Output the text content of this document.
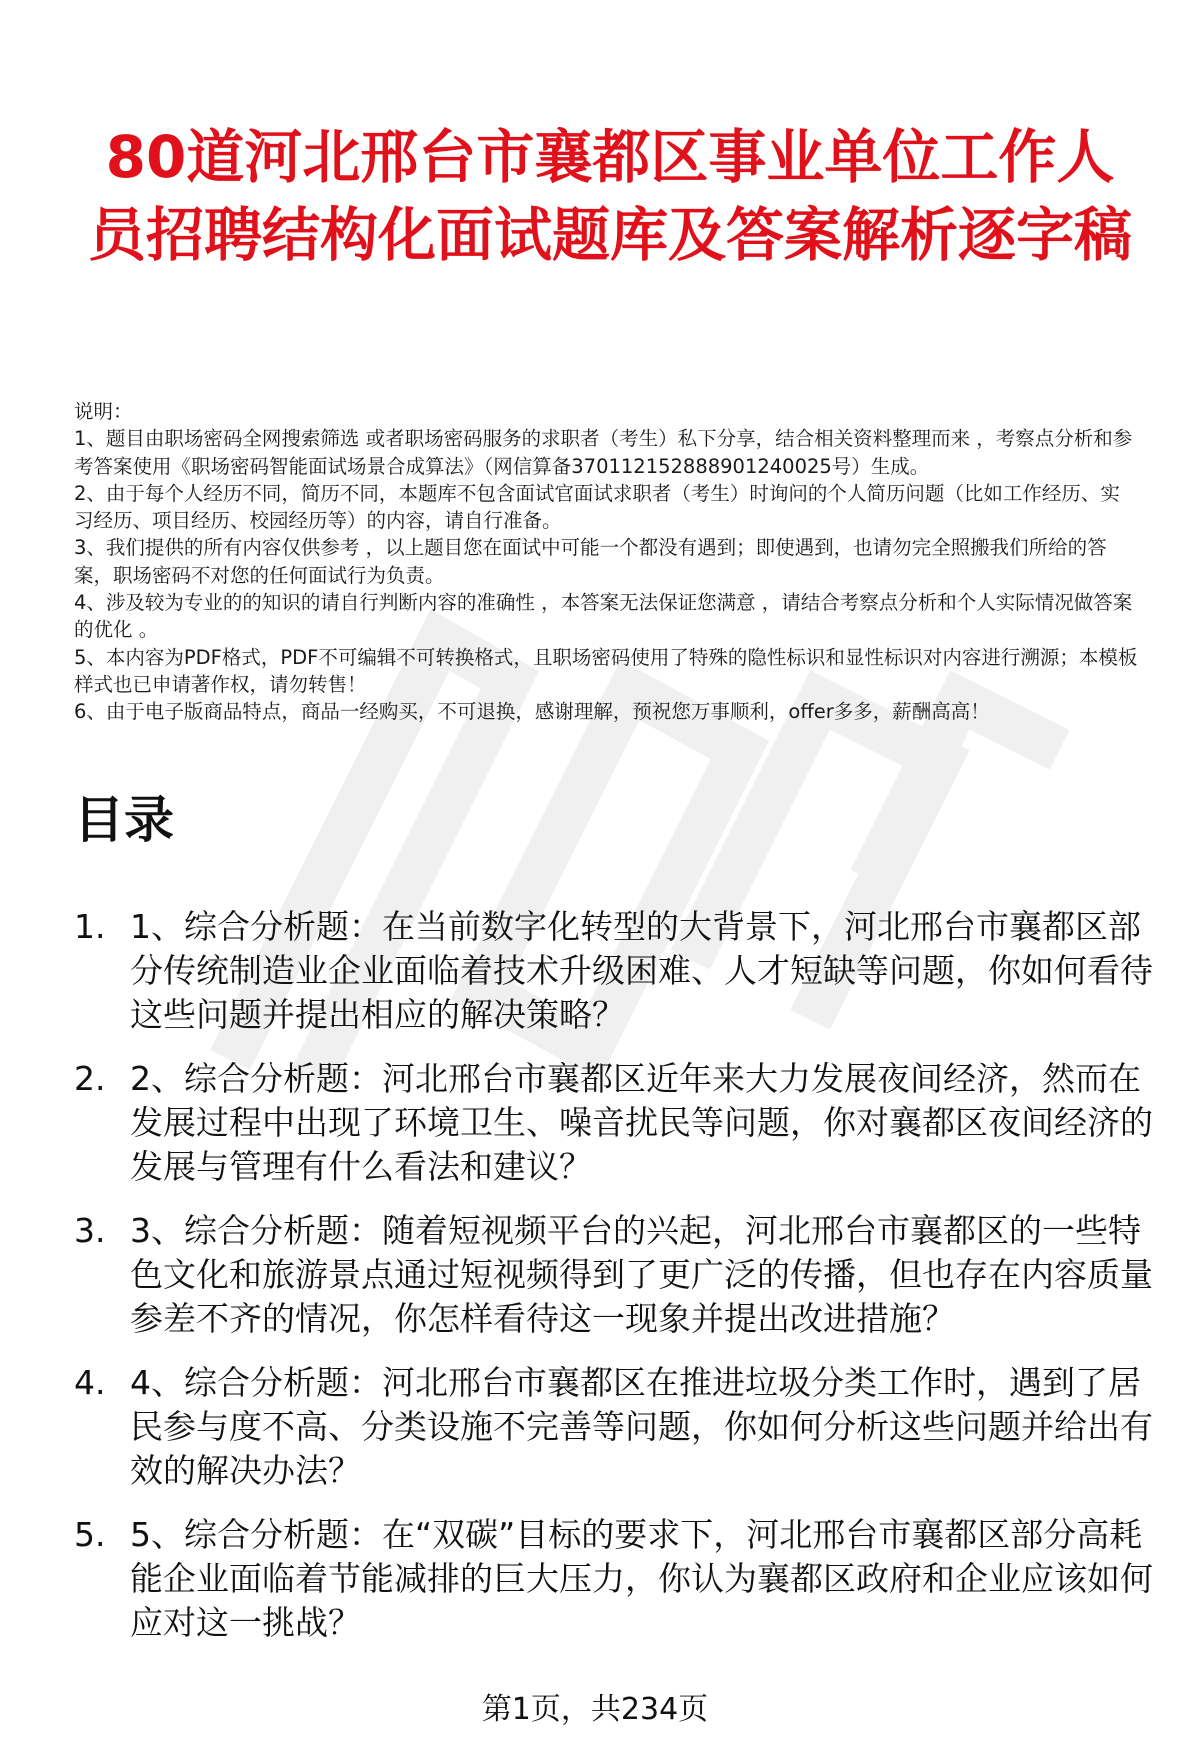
80道河北邢台市襄都区事业单位工作人员招聘结构化面试题库及答案解析逐字稿

说明：

1、题目由职场密码全网搜索筛选 或者职场密码服务的求职者（考生）私下分享，结合相关资料整理而来 ，考察点分析和参考答案使用《职场密码智能面试场景合成算法》（网信算备370112152888901240025号）生成。

2、由于每个人经历不同，简历不同，本题库不包含面试官面试求职者（考生）时询问的个人简历问题（比如工作经历、实习经历、项目经历、校园经历等）的内容，请自行准备。

3、我们提供的所有内容仅供参考 ，以上题目您在面试中可能一个都没有遇到；即使遇到，也请勿完全照搬我们所给的答案，职场密码不对您的任何面试行为负责。

4、涉及较为专业的的知识的请自行判断内容的准确性 ，本答案无法保证您满意 ，请结合考察点分析和个人实际情况做答案的优化 。

5、本内容为PDF格式，PDF不可编辑不可转换格式，且职场密码使用了特殊的隐性标识和显性标识对内容进行溯源；本模板样式也已申请著作权，请勿转售！

6、由于电子版商品特点，商品一经购买，不可退换，感谢理解，预祝您万事顺利，offer多多，薪酬高高！

目录
1. 1、综合分析题：在当前数字化转型的大背景下，河北邢台市襄都区部分传统制造业企业面临着技术升级困难、人才短缺等问题，你如何看待这些问题并提出相应的解决策略？
2. 2、综合分析题：河北邢台市襄都区近年来大力发展夜间经济，然而在发展过程中出现了环境卫生、噪音扰民等问题，你对襄都区夜间经济的发展与管理有什么看法和建议？
3. 3、综合分析题：随着短视频平台的兴起，河北邢台市襄都区的一些特色文化和旅游景点通过短视频得到了更广泛的传播，但也存在内容质量参差不齐的情况，你怎样看待这一现象并提出改进措施？
4. 4、综合分析题：河北邢台市襄都区在推进垃圾分类工作时，遇到了居民参与度不高、分类设施不完善等问题，你如何分析这些问题并给出有效的解决办法？
5. 5、综合分析题：在“双碳”目标的要求下，河北邢台市襄都区部分高耗能企业面临着节能减排的巨大压力，你认为襄都区政府和企业应该如何应对这一挑战？
第1页，共234页
